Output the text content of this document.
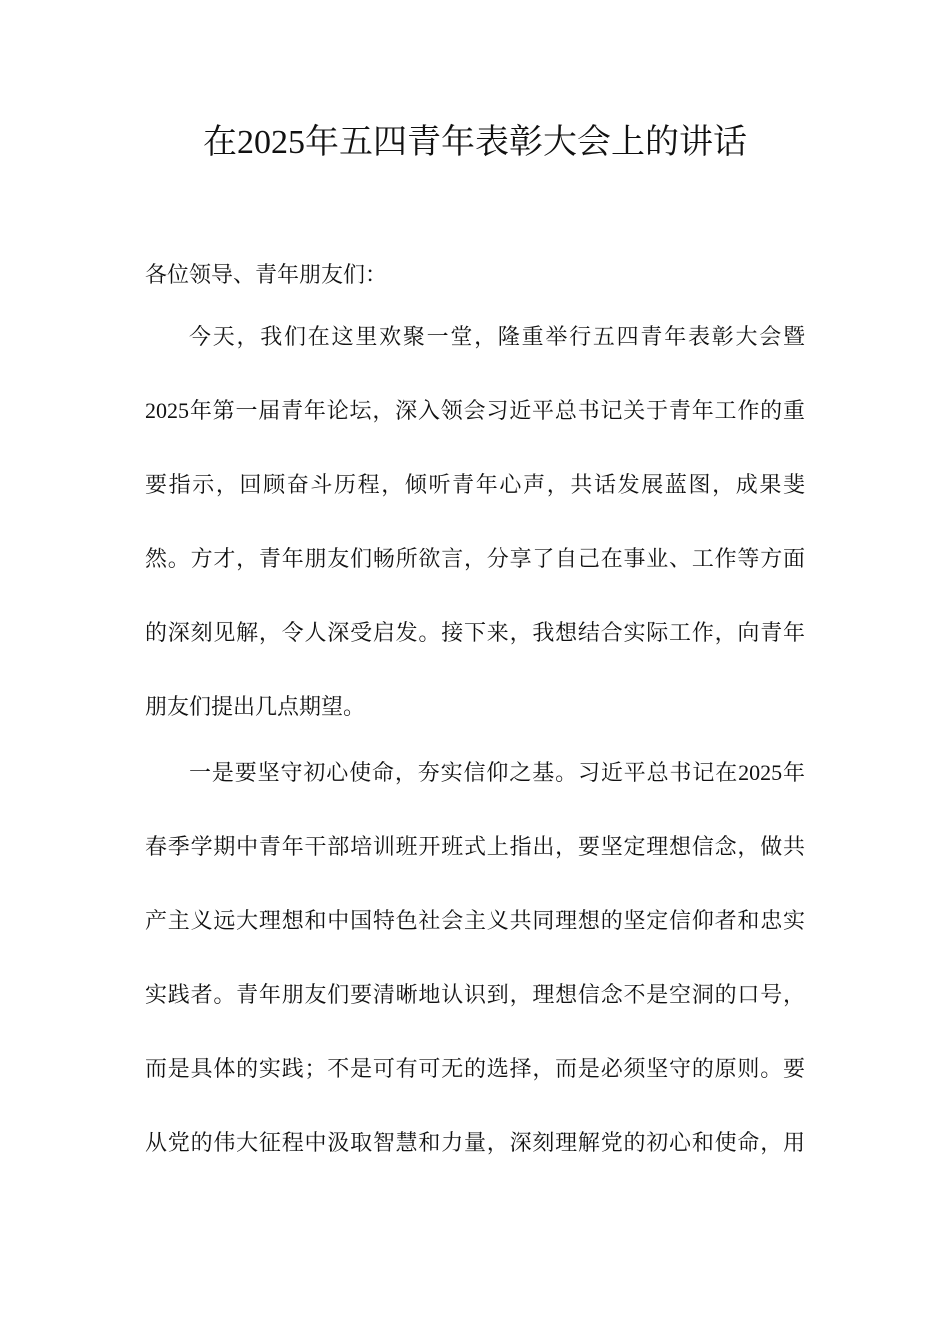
在2025年五四青年表彰大会上的讲话
各位领导、青年朋友们：
今天，我们在这里欢聚一堂，隆重举行五四青年表彰大会暨
2025年第一届青年论坛，深入领会习近平总书记关于青年工作的重
要指示，回顾奋斗历程，倾听青年心声，共话发展蓝图，成果斐
然。方才，青年朋友们畅所欲言，分享了自己在事业、工作等方面
的深刻见解，令人深受启发。接下来，我想结合实际工作，向青年
朋友们提出几点期望。
一是要坚守初心使命，夯实信仰之基。习近平总书记在2025年
春季学期中青年干部培训班开班式上指出，要坚定理想信念，做共
产主义远大理想和中国特色社会主义共同理想的坚定信仰者和忠实
实践者。青年朋友们要清晰地认识到，理想信念不是空洞的口号，
而是具体的实践；不是可有可无的选择，而是必须坚守的原则。要
从党的伟大征程中汲取智慧和力量，深刻理解党的初心和使命，用
